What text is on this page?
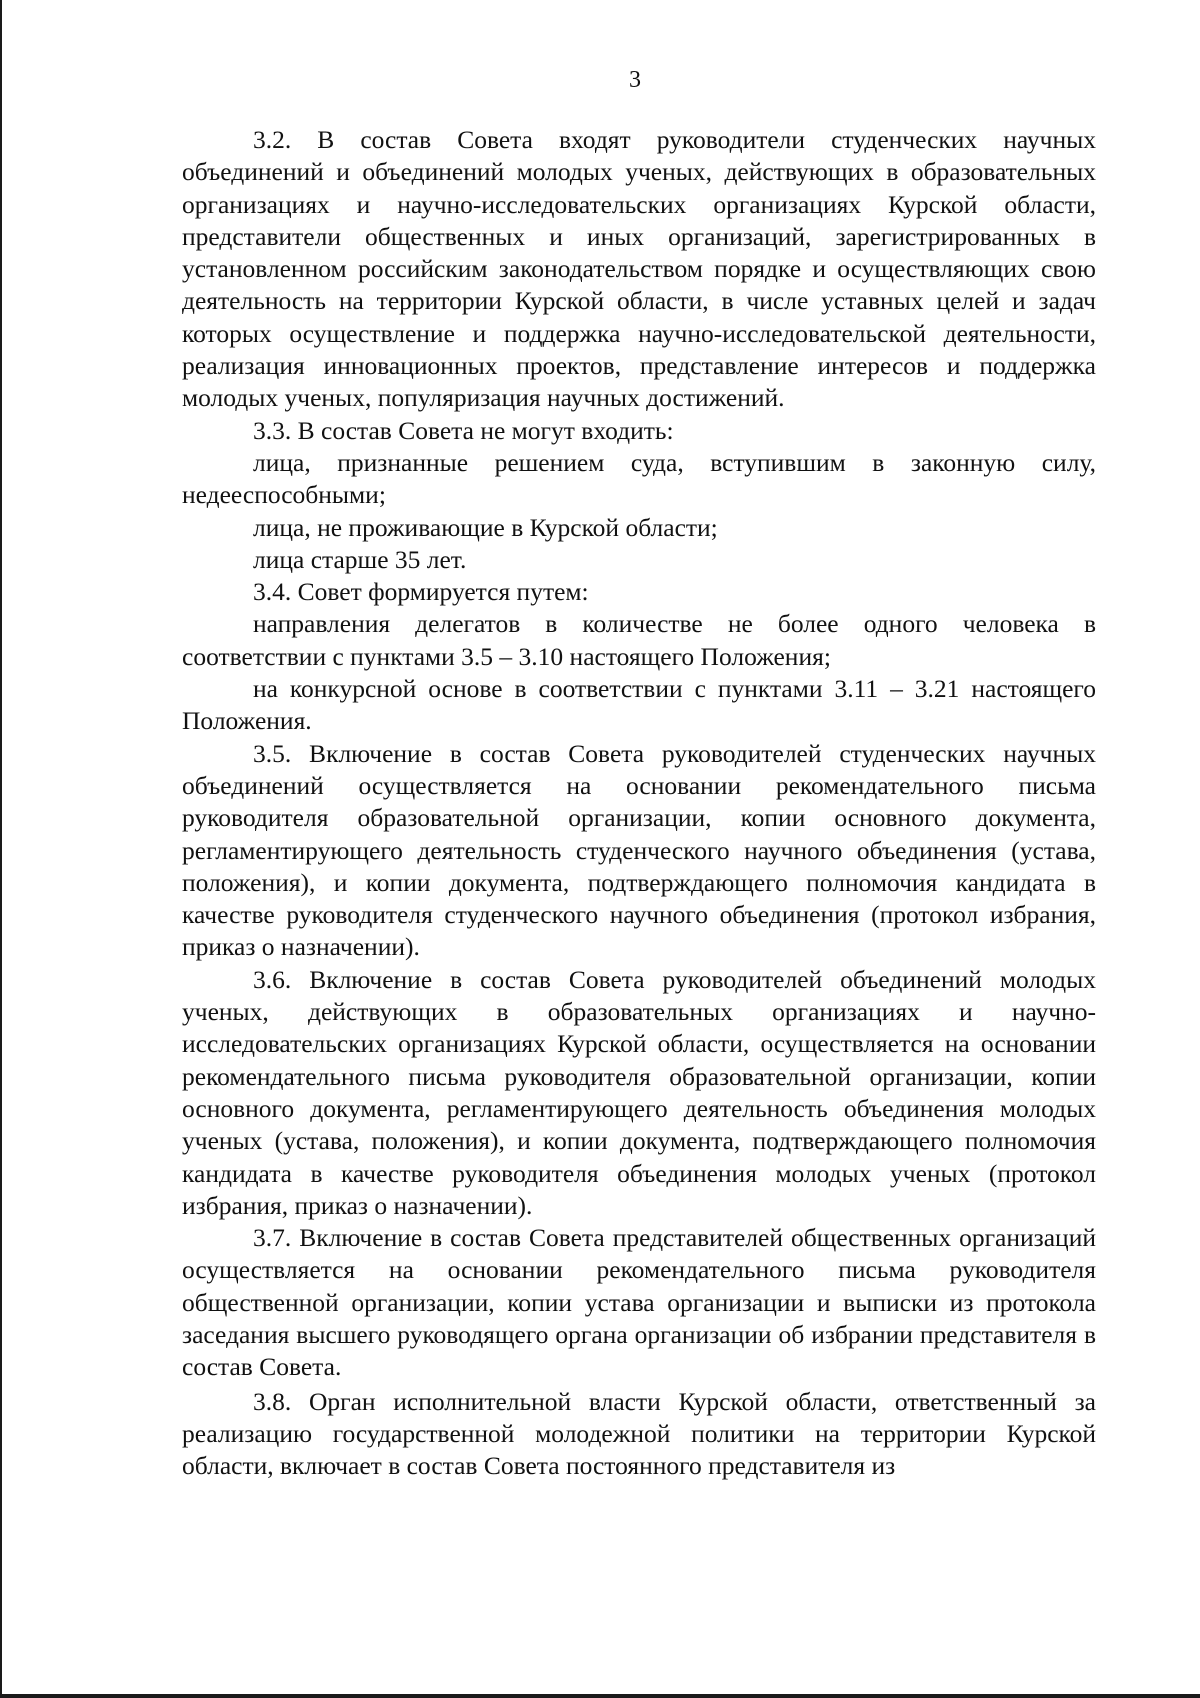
3

3.2. В состав Совета входят руководители студенческих научных объединений и объединений молодых ученых, действующих в образовательных организациях и научно-исследовательских организациях Курской области, представители общественных и иных организаций, зарегистрированных в установленном российским законодательством порядке и осуществляющих свою деятельность на территории Курской области, в числе уставных целей и задач которых осуществление и поддержка научно-исследовательской деятельности, реализация инновационных проектов, представление интересов и поддержка молодых ученых, популяризация научных достижений.

3.3. В состав Совета не могут входить:

лица, признанные решением суда, вступившим в законную силу, недееспособными;

лица, не проживающие в Курской области;

лица старше 35 лет.

3.4. Совет формируется путем:

направления делегатов в количестве не более одного человека в соответствии с пунктами 3.5 – 3.10 настоящего Положения;

на конкурсной основе в соответствии с пунктами 3.11 – 3.21 настоящего Положения.

3.5. Включение в состав Совета руководителей студенческих научных объединений осуществляется на основании рекомендательного письма руководителя образовательной организации, копии основного документа, регламентирующего деятельность студенческого научного объединения (устава, положения), и копии документа, подтверждающего полномочия кандидата в качестве руководителя студенческого научного объединения (протокол избрания, приказ о назначении).

3.6. Включение в состав Совета руководителей объединений молодых ученых, действующих в образовательных организациях и научно-исследовательских организациях Курской области, осуществляется на основании рекомендательного письма руководителя образовательной организации, копии основного документа, регламентирующего деятельность объединения молодых ученых (устава, положения), и копии документа, подтверждающего полномочия кандидата в качестве руководителя объединения молодых ученых (протокол избрания, приказ о назначении).

3.7. Включение в состав Совета представителей общественных организаций осуществляется на основании рекомендательного письма руководителя общественной организации, копии устава организации и выписки из протокола заседания высшего руководящего органа организации об избрании представителя в состав Совета.

3.8. Орган исполнительной власти Курской области, ответственный за реализацию государственной молодежной политики на территории Курской области, включает в состав Совета постоянного представителя из
